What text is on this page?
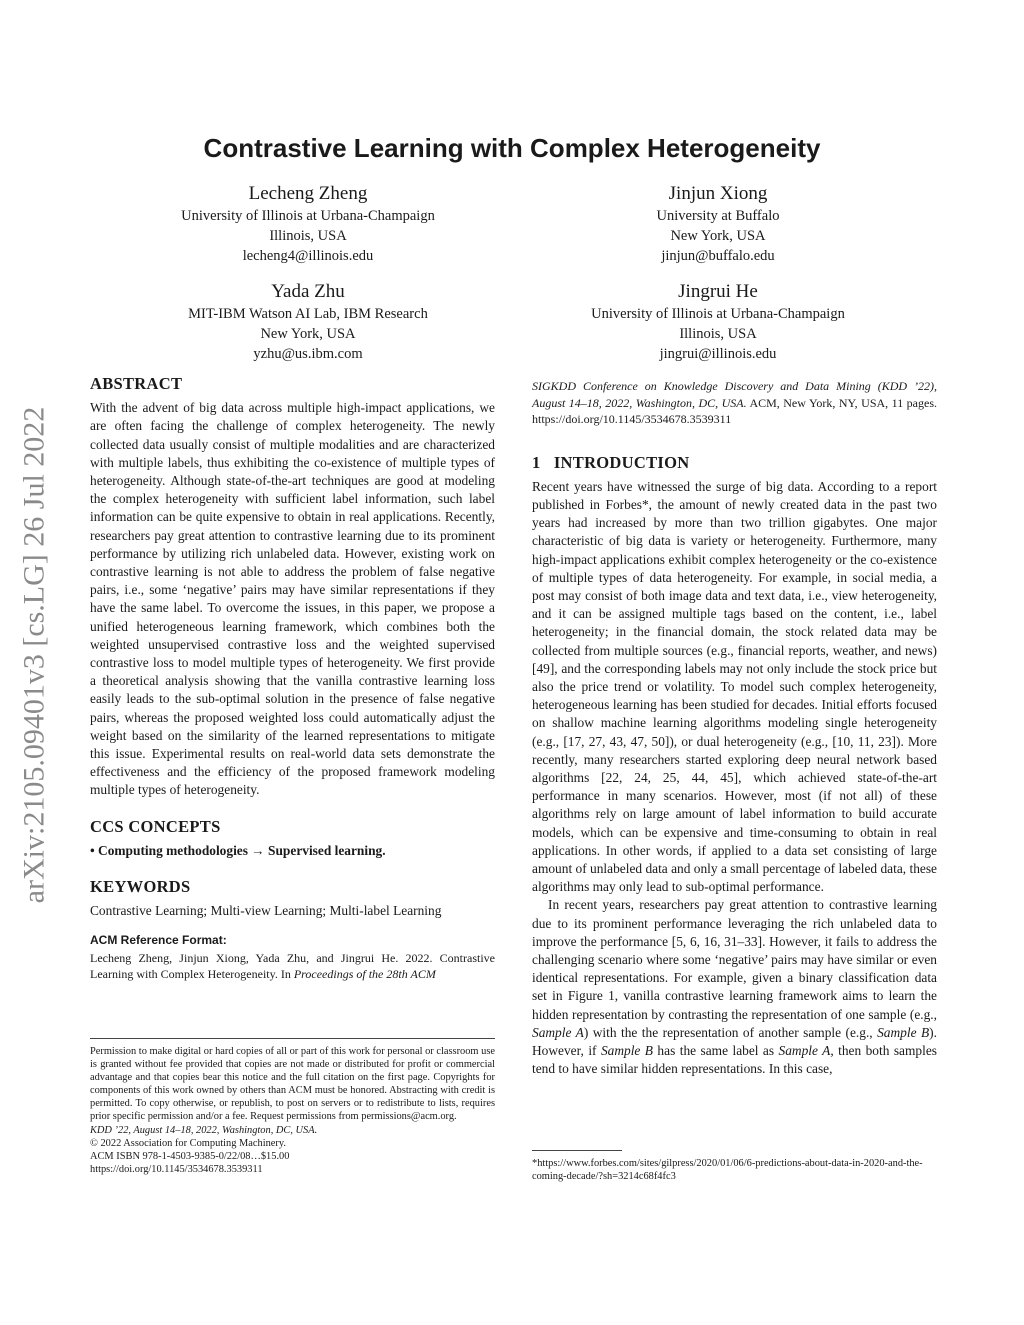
arXiv:2105.09401v3 [cs.LG] 26 Jul 2022
Contrastive Learning with Complex Heterogeneity
Lecheng Zheng
University of Illinois at Urbana-Champaign
Illinois, USA
lecheng4@illinois.edu
Jinjun Xiong
University at Buffalo
New York, USA
jinjun@buffalo.edu
Yada Zhu
MIT-IBM Watson AI Lab, IBM Research
New York, USA
yzhu@us.ibm.com
Jingrui He
University of Illinois at Urbana-Champaign
Illinois, USA
jingrui@illinois.edu
ABSTRACT

With the advent of big data across multiple high-impact applications, we are often facing the challenge of complex heterogeneity. The newly collected data usually consist of multiple modalities and are characterized with multiple labels, thus exhibiting the co-existence of multiple types of heterogeneity. Although state-of-the-art techniques are good at modeling the complex heterogeneity with sufficient label information, such label information can be quite expensive to obtain in real applications. Recently, researchers pay great attention to contrastive learning due to its prominent performance by utilizing rich unlabeled data. However, existing work on contrastive learning is not able to address the problem of false negative pairs, i.e., some ‘negative’ pairs may have similar representations if they have the same label. To overcome the issues, in this paper, we propose a unified heterogeneous learning framework, which combines both the weighted unsupervised contrastive loss and the weighted supervised contrastive loss to model multiple types of heterogeneity. We first provide a theoretical analysis showing that the vanilla contrastive learning loss easily leads to the sub-optimal solution in the presence of false negative pairs, whereas the proposed weighted loss could automatically adjust the weight based on the similarity of the learned representations to mitigate this issue. Experimental results on real-world data sets demonstrate the effectiveness and the efficiency of the proposed framework modeling multiple types of heterogeneity.

CCS CONCEPTS

• Computing methodologies → Supervised learning.

KEYWORDS

Contrastive Learning; Multi-view Learning; Multi-label Learning

ACM Reference Format:

Lecheng Zheng, Jinjun Xiong, Yada Zhu, and Jingrui He. 2022. Contrastive Learning with Complex Heterogeneity. In Proceedings of the 28th ACM

Permission to make digital or hard copies of all or part of this work for personal or classroom use is granted without fee provided that copies are not made or distributed for profit or commercial advantage and that copies bear this notice and the full citation on the first page. Copyrights for components of this work owned by others than ACM must be honored. Abstracting with credit is permitted. To copy otherwise, or republish, to post on servers or to redistribute to lists, requires prior specific permission and/or a fee. Request permissions from permissions@acm.org.

KDD ’22, August 14–18, 2022, Washington, DC, USA.
© 2022 Association for Computing Machinery.
ACM ISBN 978-1-4503-9385-0/22/08…$15.00
https://doi.org/10.1145/3534678.3539311

SIGKDD Conference on Knowledge Discovery and Data Mining (KDD ’22), August 14–18, 2022, Washington, DC, USA. ACM, New York, NY, USA, 11 pages. https://doi.org/10.1145/3534678.3539311

1   INTRODUCTION

Recent years have witnessed the surge of big data. According to a report published in Forbes*, the amount of newly created data in the past two years had increased by more than two trillion gigabytes. One major characteristic of big data is variety or heterogeneity. Furthermore, many high-impact applications exhibit complex heterogeneity or the co-existence of multiple types of data heterogeneity. For example, in social media, a post may consist of both image data and text data, i.e., view heterogeneity, and it can be assigned multiple tags based on the content, i.e., label heterogeneity; in the financial domain, the stock related data may be collected from multiple sources (e.g., financial reports, weather, and news)[49], and the corresponding labels may not only include the stock price but also the price trend or volatility. To model such complex heterogeneity, heterogeneous learning has been studied for decades. Initial efforts focused on shallow machine learning algorithms modeling single heterogeneity (e.g., [17, 27, 43, 47, 50]), or dual heterogeneity (e.g., [10, 11, 23]). More recently, many researchers started exploring deep neural network based algorithms [22, 24, 25, 44, 45], which achieved state-of-the-art performance in many scenarios. However, most (if not all) of these algorithms rely on large amount of label information to build accurate models, which can be expensive and time-consuming to obtain in real applications. In other words, if applied to a data set consisting of large amount of unlabeled data and only a small percentage of labeled data, these algorithms may only lead to sub-optimal performance.

In recent years, researchers pay great attention to contrastive learning due to its prominent performance leveraging the rich unlabeled data to improve the performance [5, 6, 16, 31–33]. However, it fails to address the challenging scenario where some ‘negative’ pairs may have similar or even identical representations. For example, given a binary classification data set in Figure 1, vanilla contrastive learning framework aims to learn the hidden representation by contrasting the representation of one sample (e.g., Sample A) with the the representation of another sample (e.g., Sample B). However, if Sample B has the same label as Sample A, then both samples tend to have similar hidden representations. In this case,

*https://www.forbes.com/sites/gilpress/2020/01/06/6-predictions-about-data-in-2020-and-the-coming-decade/?sh=3214c68f4fc3
